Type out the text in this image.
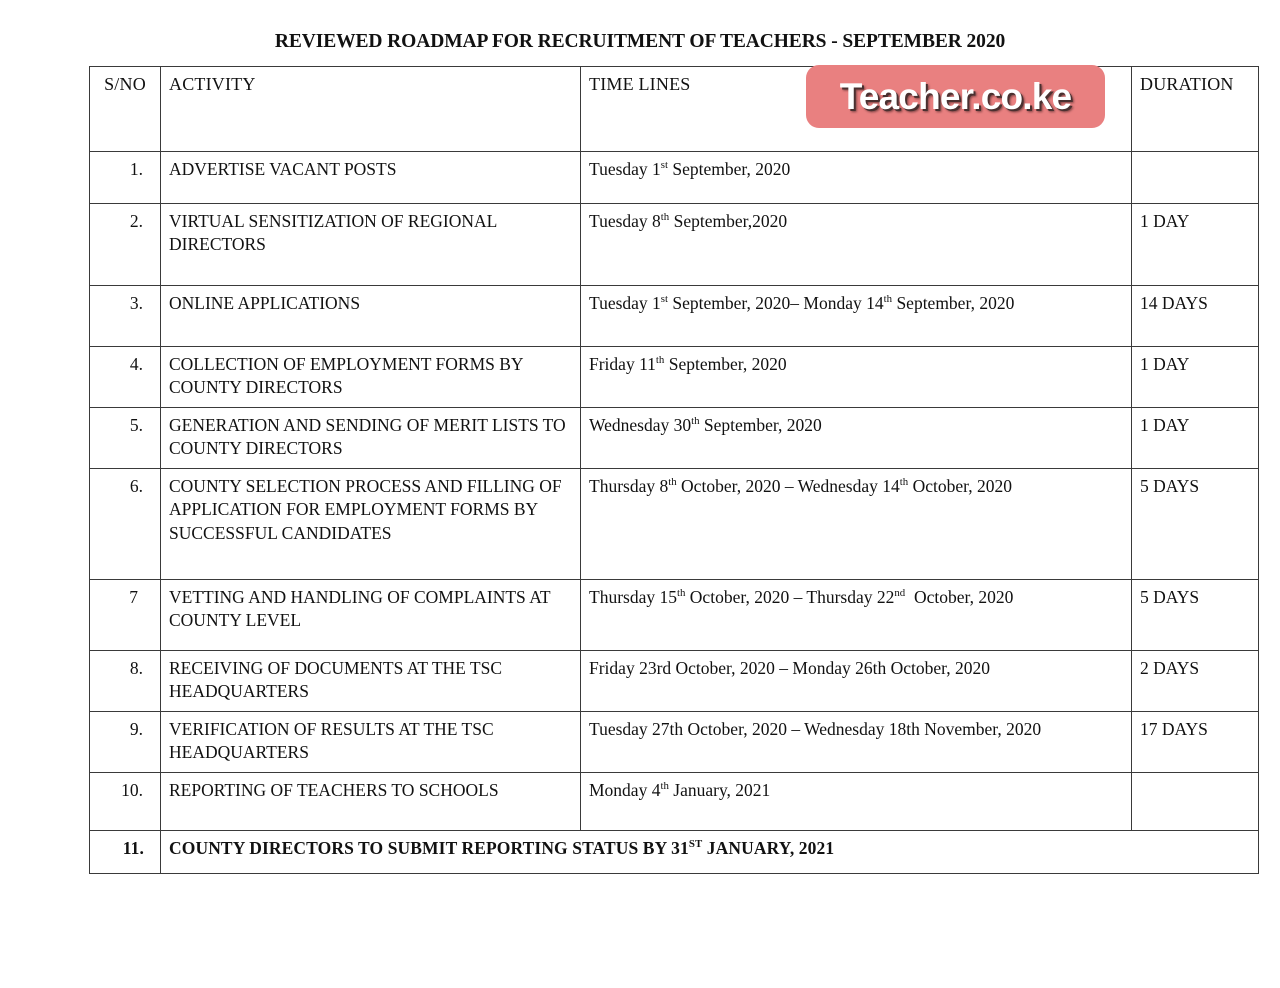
REVIEWED ROADMAP FOR RECRUITMENT OF TEACHERS - SEPTEMBER 2020
S/NO	ACTIVITY	TIME LINES	DURATION
1.	ADVERTISE VACANT POSTS	Tuesday 1st September, 2020	
2.	VIRTUAL SENSITIZATION OF REGIONAL DIRECTORS	Tuesday 8th September,2020	1 DAY
3.	ONLINE APPLICATIONS	Tuesday 1st September, 2020– Monday 14th September, 2020	14 DAYS
4.	COLLECTION OF EMPLOYMENT FORMS BY COUNTY DIRECTORS	Friday 11th September, 2020	1 DAY
5.	GENERATION AND SENDING OF MERIT LISTS TO COUNTY DIRECTORS	Wednesday 30th September, 2020	1 DAY
6.	COUNTY SELECTION PROCESS AND FILLING OF APPLICATION FOR EMPLOYMENT FORMS BY SUCCESSFUL CANDIDATES	Thursday 8th October, 2020 – Wednesday 14th October, 2020	5 DAYS
7	VETTING AND HANDLING OF COMPLAINTS AT COUNTY LEVEL	Thursday 15th October, 2020 – Thursday 22nd  October, 2020	5 DAYS
8.	RECEIVING OF DOCUMENTS AT THE TSC  HEADQUARTERS	Friday 23rd October, 2020 – Monday 26th October, 2020	2 DAYS
9.	VERIFICATION OF RESULTS AT THE TSC HEADQUARTERS	Tuesday 27th October, 2020 – Wednesday 18th November, 2020	17 DAYS
10.	REPORTING OF TEACHERS TO SCHOOLS	Monday 4th January, 2021	
11.	COUNTY DIRECTORS TO SUBMIT REPORTING STATUS BY 31ST JANUARY, 2021		
Teacher.co.ke
